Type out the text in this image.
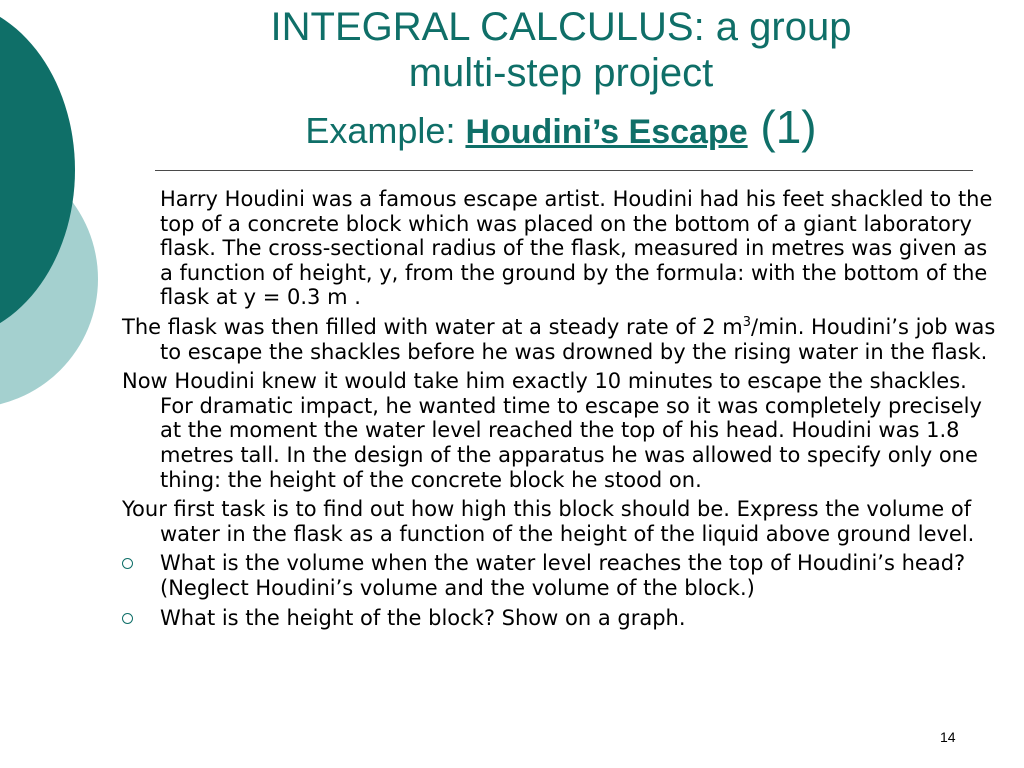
INTEGRAL CALCULUS: a group
multi-step project
Example: Houdini’s Escape (1)
Harry Houdini was a famous escape artist. Houdini had his feet shackled to the top of a concrete block which was placed on the bottom of a giant laboratory flask. The cross-sectional radius of the flask, measured in metres was given as a function of height, y, from the ground by the formula: with the bottom of the flask at y = 0.3 m .
The flask was then filled with water at a steady rate of 2 $m^3/\min$. Houdini’s job was to escape the shackles before he was drowned by the rising water in the flask.
Now Houdini knew it would take him exactly 10 minutes to escape the shackles. For dramatic impact, he wanted time to escape so it was completely precisely at the moment the water level reached the top of his head. Houdini was 1.8 metres tall. In the design of the apparatus he was allowed to specify only one thing: the height of the concrete block he stood on.
Your first task is to find out how high this block should be. Express the volume of water in the flask as a function of the height of the liquid above ground level.
What is the volume when the water level reaches the top of Houdini’s head? (Neglect Houdini’s volume and the volume of the block.)
What is the height of the block? Show on a graph.
14
